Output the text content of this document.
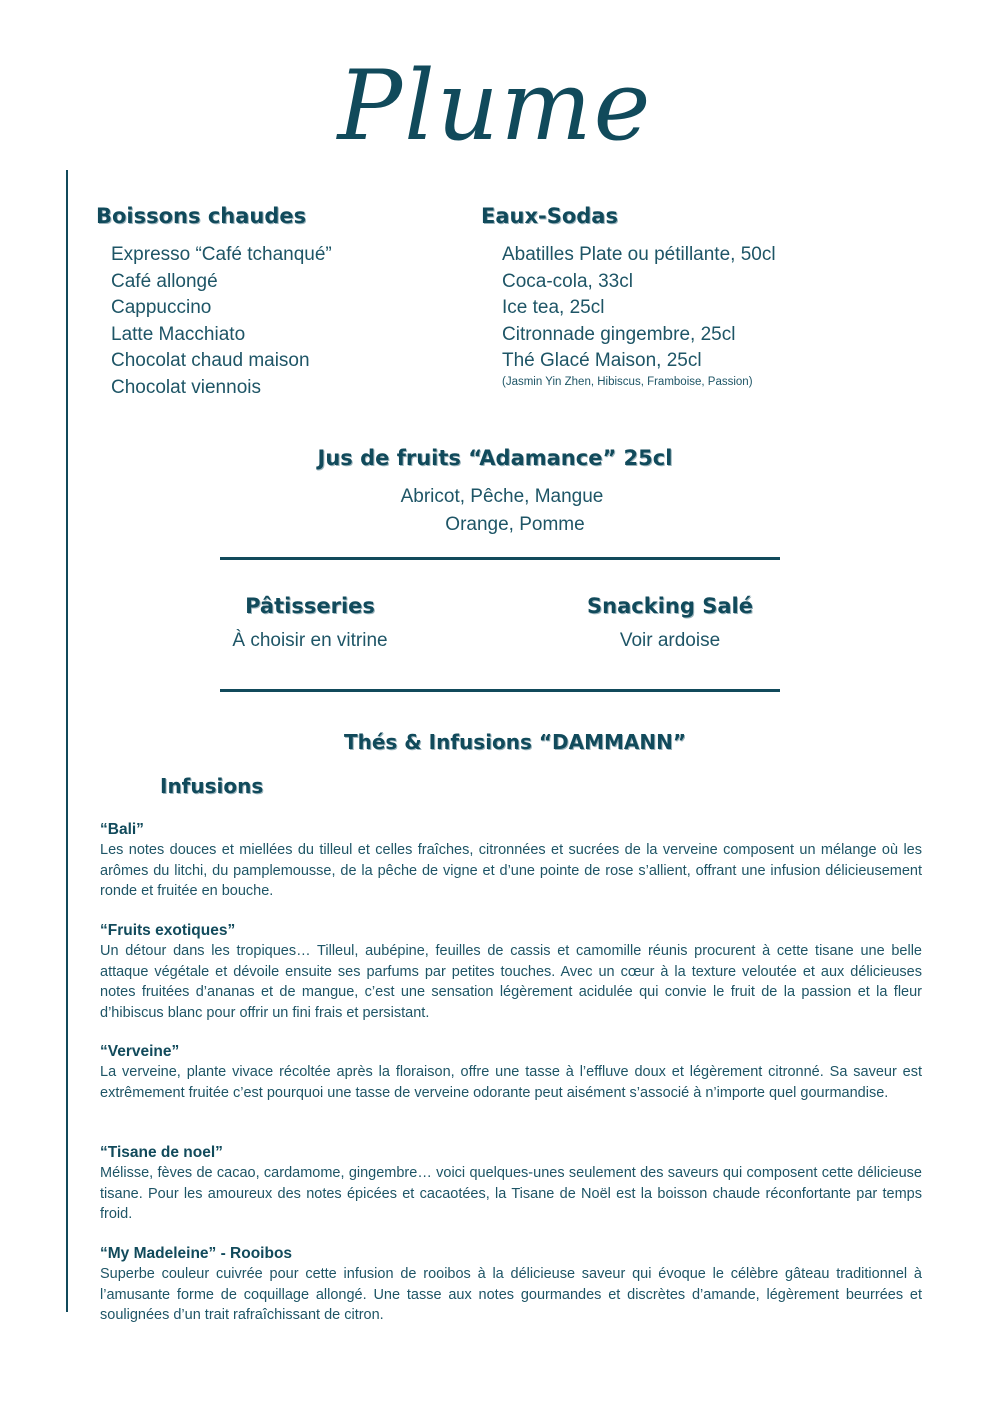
Plume
Boissons chaudes
Expresso “Café tchanqué”
Café allongé
Cappuccino
Latte Macchiato
Chocolat chaud maison
Chocolat viennois
Eaux-Sodas
Abatilles Plate ou pétillante, 50cl
Coca-cola, 33cl
Ice tea, 25cl
Citronnade gingembre, 25cl
Thé Glacé Maison, 25cl
(Jasmin Yin Zhen, Hibiscus, Framboise, Passion)
Jus de fruits “Adamance” 25cl
Abricot, Pêche, Mangue
Orange, Pomme
Pâtisseries
À choisir en vitrine
Snacking Salé
Voir ardoise
Thés & Infusions “DAMMANN”
Infusions
“Bali”

Les notes douces et miellées du tilleul et celles fraîches, citronnées et sucrées de la verveine composent un mélange où les arômes du litchi, du pamplemousse, de la pêche de vigne et d’une pointe de rose s’allient, offrant une infusion délicieusement ronde et fruitée en bouche.

“Fruits exotiques”

Un détour dans les tropiques… Tilleul, aubépine, feuilles de cassis et camomille réunis procurent à cette tisane une belle attaque végétale et dévoile ensuite ses parfums par petites touches. Avec un cœur à la texture veloutée et aux délicieuses notes fruitées d’ananas et de mangue, c’est une sensation légèrement acidulée qui convie le fruit de la passion et la fleur d’hibiscus blanc pour offrir un fini frais et persistant.

“Verveine”

La verveine, plante vivace récoltée après la floraison, offre une tasse à l’effluve doux et légèrement citronné. Sa saveur est extrêmement fruitée c’est pourquoi une tasse de verveine odorante peut aisément s’associé à n’importe quel gourmandise.

“Tisane de noel”

Mélisse, fèves de cacao, cardamome, gingembre… voici quelques-unes seulement des saveurs qui composent cette délicieuse tisane. Pour les amoureux des notes épicées et cacaotées, la Tisane de Noël est la boisson chaude réconfortante par temps froid.

“My Madeleine” - Rooibos

Superbe couleur cuivrée pour cette infusion de rooibos à la délicieuse saveur qui évoque le célèbre gâteau traditionnel à l’amusante forme de coquillage allongé. Une tasse aux notes gourmandes et discrètes d’amande, légèrement beurrées et soulignées d’un trait rafraîchissant de citron.
